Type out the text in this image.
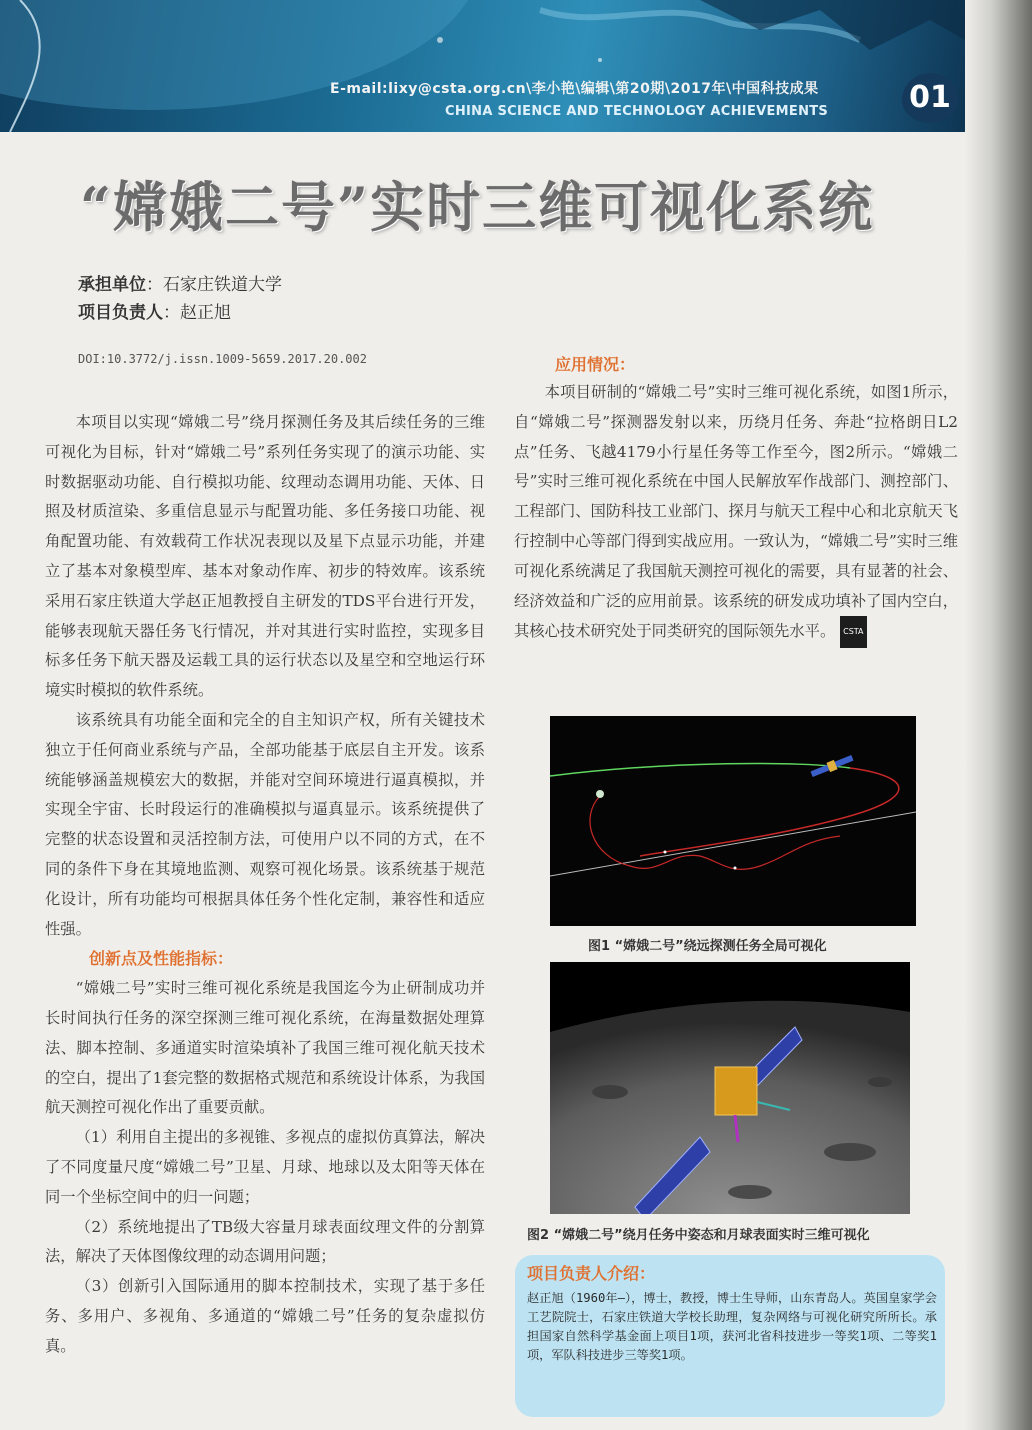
E-mail:lixy@csta.org.cn\李小艳\编辑\第20期\2017年\中国科技成果
CHINA SCIENCE AND TECHNOLOGY ACHIEVEMENTS	01
“嫦娥二号”实时三维可视化系统
承担单位：石家庄铁道大学
项目负责人：赵正旭
DOI:10.3772/j.issn.1009-5659.2017.20.002

本项目以实现“嫦娥二号”绕月探测任务及其后续任务的三维可视化为目标，针对“嫦娥二号”系列任务实现了的演示功能、实时数据驱动功能、自行模拟功能、纹理动态调用功能、天体、日照及材质渲染、多重信息显示与配置功能、多任务接口功能、视角配置功能、有效载荷工作状况表现以及星下点显示功能，并建立了基本对象模型库、基本对象动作库、初步的特效库。该系统采用石家庄铁道大学赵正旭教授自主研发的TDS平台进行开发，能够表现航天器任务飞行情况，并对其进行实时监控，实现多目标多任务下航天器及运载工具的运行状态以及星空和空地运行环境实时模拟的软件系统。

该系统具有功能全面和完全的自主知识产权，所有关键技术独立于任何商业系统与产品，全部功能基于底层自主开发。该系统能够涵盖规模宏大的数据，并能对空间环境进行逼真模拟，并实现全宇宙、长时段运行的准确模拟与逼真显示。该系统提供了完整的状态设置和灵活控制方法，可使用户以不同的方式，在不同的条件下身在其境地监测、观察可视化场景。该系统基于规范化设计，所有功能均可根据具体任务个性化定制，兼容性和适应性强。

创新点及性能指标：

“嫦娥二号”实时三维可视化系统是我国迄今为止研制成功并长时间执行任务的深空探测三维可视化系统，在海量数据处理算法、脚本控制、多通道实时渲染填补了我国三维可视化航天技术的空白，提出了1套完整的数据格式规范和系统设计体系，为我国航天测控可视化作出了重要贡献。

（1）利用自主提出的多视锥、多视点的虚拟仿真算法，解决了不同度量尺度“嫦娥二号”卫星、月球、地球以及太阳等天体在同一个坐标空间中的归一问题；

（2）系统地提出了TB级大容量月球表面纹理文件的分割算法，解决了天体图像纹理的动态调用问题；

（3）创新引入国际通用的脚本控制技术，实现了基于多任务、多用户、多视角、多通道的“嫦娥二号”任务的复杂虚拟仿真。

应用情况：

本项目研制的“嫦娥二号”实时三维可视化系统，如图1所示，自“嫦娥二号”探测器发射以来，历绕月任务、奔赴“拉格朗日L2点”任务、飞越4179小行星任务等工作至今，图2所示。“嫦娥二号”实时三维可视化系统在中国人民解放军作战部门、测控部门、工程部门、国防科技工业部门、探月与航天工程中心和北京航天飞行控制中心等部门得到实战应用。一致认为，“嫦娥二号”实时三维可视化系统满足了我国航天测控可视化的需要，具有显著的社会、经济效益和广泛的应用前景。该系统的研发成功填补了国内空白，其核心技术研究处于同类研究的国际领先水平。 CSTA

图1 “嫦娥二号”绕远探测任务全局可视化
图2 “嫦娥二号”绕月任务中姿态和月球表面实时三维可视化
项目负责人介绍：
赵正旭（1960年—），博士，教授，博士生导师，山东青岛人。英国皇家学会工艺院院士，石家庄铁道大学校长助理，复杂网络与可视化研究所所长。承担国家自然科学基金面上项目1项，获河北省科技进步一等奖1项、二等奖1项，军队科技进步三等奖1项。
